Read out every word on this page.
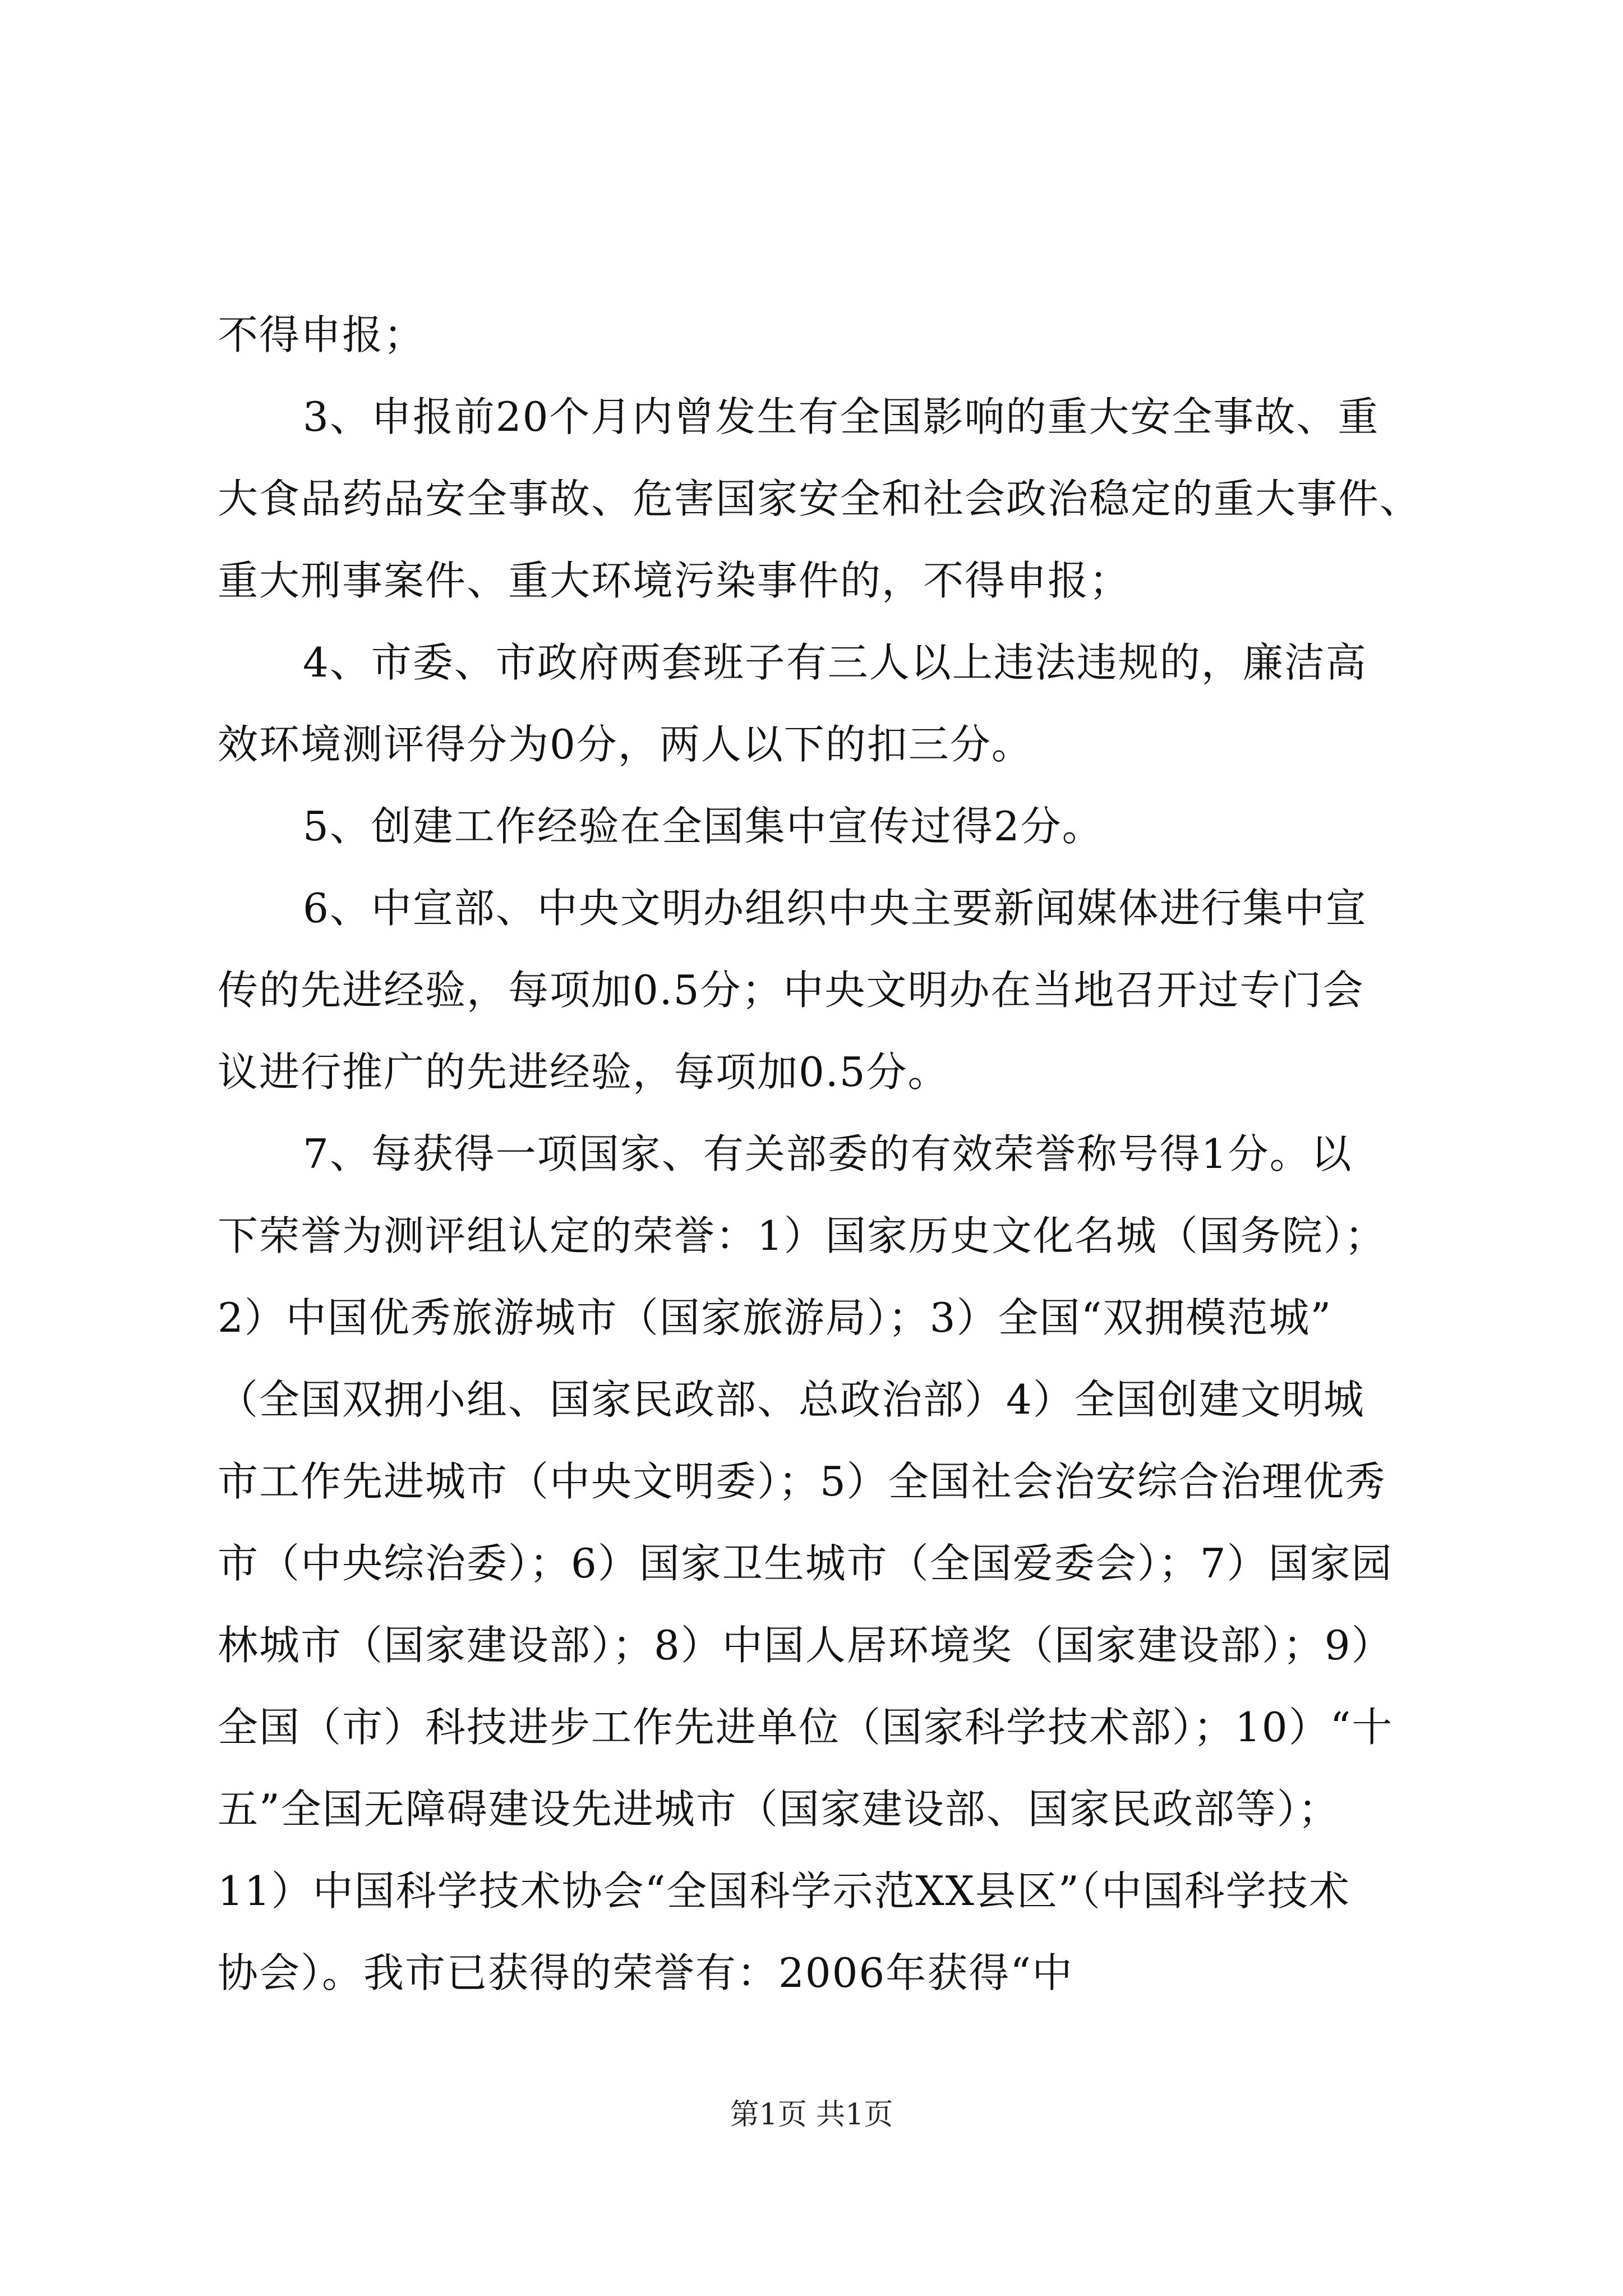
不得申报；

3、申报前20个月内曾发生有全国影响的重大安全事故、重

大食品药品安全事故、危害国家安全和社会政治稳定的重大事件、

重大刑事案件、重大环境污染事件的，不得申报；

4、市委、市政府两套班子有三人以上违法违规的，廉洁高

效环境测评得分为0分，两人以下的扣三分。

5、创建工作经验在全国集中宣传过得2分。

6、中宣部、中央文明办组织中央主要新闻媒体进行集中宣

传的先进经验，每项加0.5分；中央文明办在当地召开过专门会

议进行推广的先进经验，每项加0.5分。

7、每获得一项国家、有关部委的有效荣誉称号得1分。以

下荣誉为测评组认定的荣誉：1）国家历史文化名城（国务院）；

2）中国优秀旅游城市（国家旅游局）；3）全国“双拥模范城”

（全国双拥小组、国家民政部、总政治部）4）全国创建文明城

市工作先进城市（中央文明委）；5）全国社会治安综合治理优秀

市（中央综治委）；6）国家卫生城市（全国爱委会）；7）国家园

林城市（国家建设部）；8）中国人居环境奖（国家建设部）；9）

全国（市）科技进步工作先进单位（国家科学技术部）；10）“十

五”全国无障碍建设先进城市（国家建设部、国家民政部等）；

11）中国科学技术协会“全国科学示范XX县区”（中国科学技术

协会）。我市已获得的荣誉有：2006年获得“中

第1页 共1页
